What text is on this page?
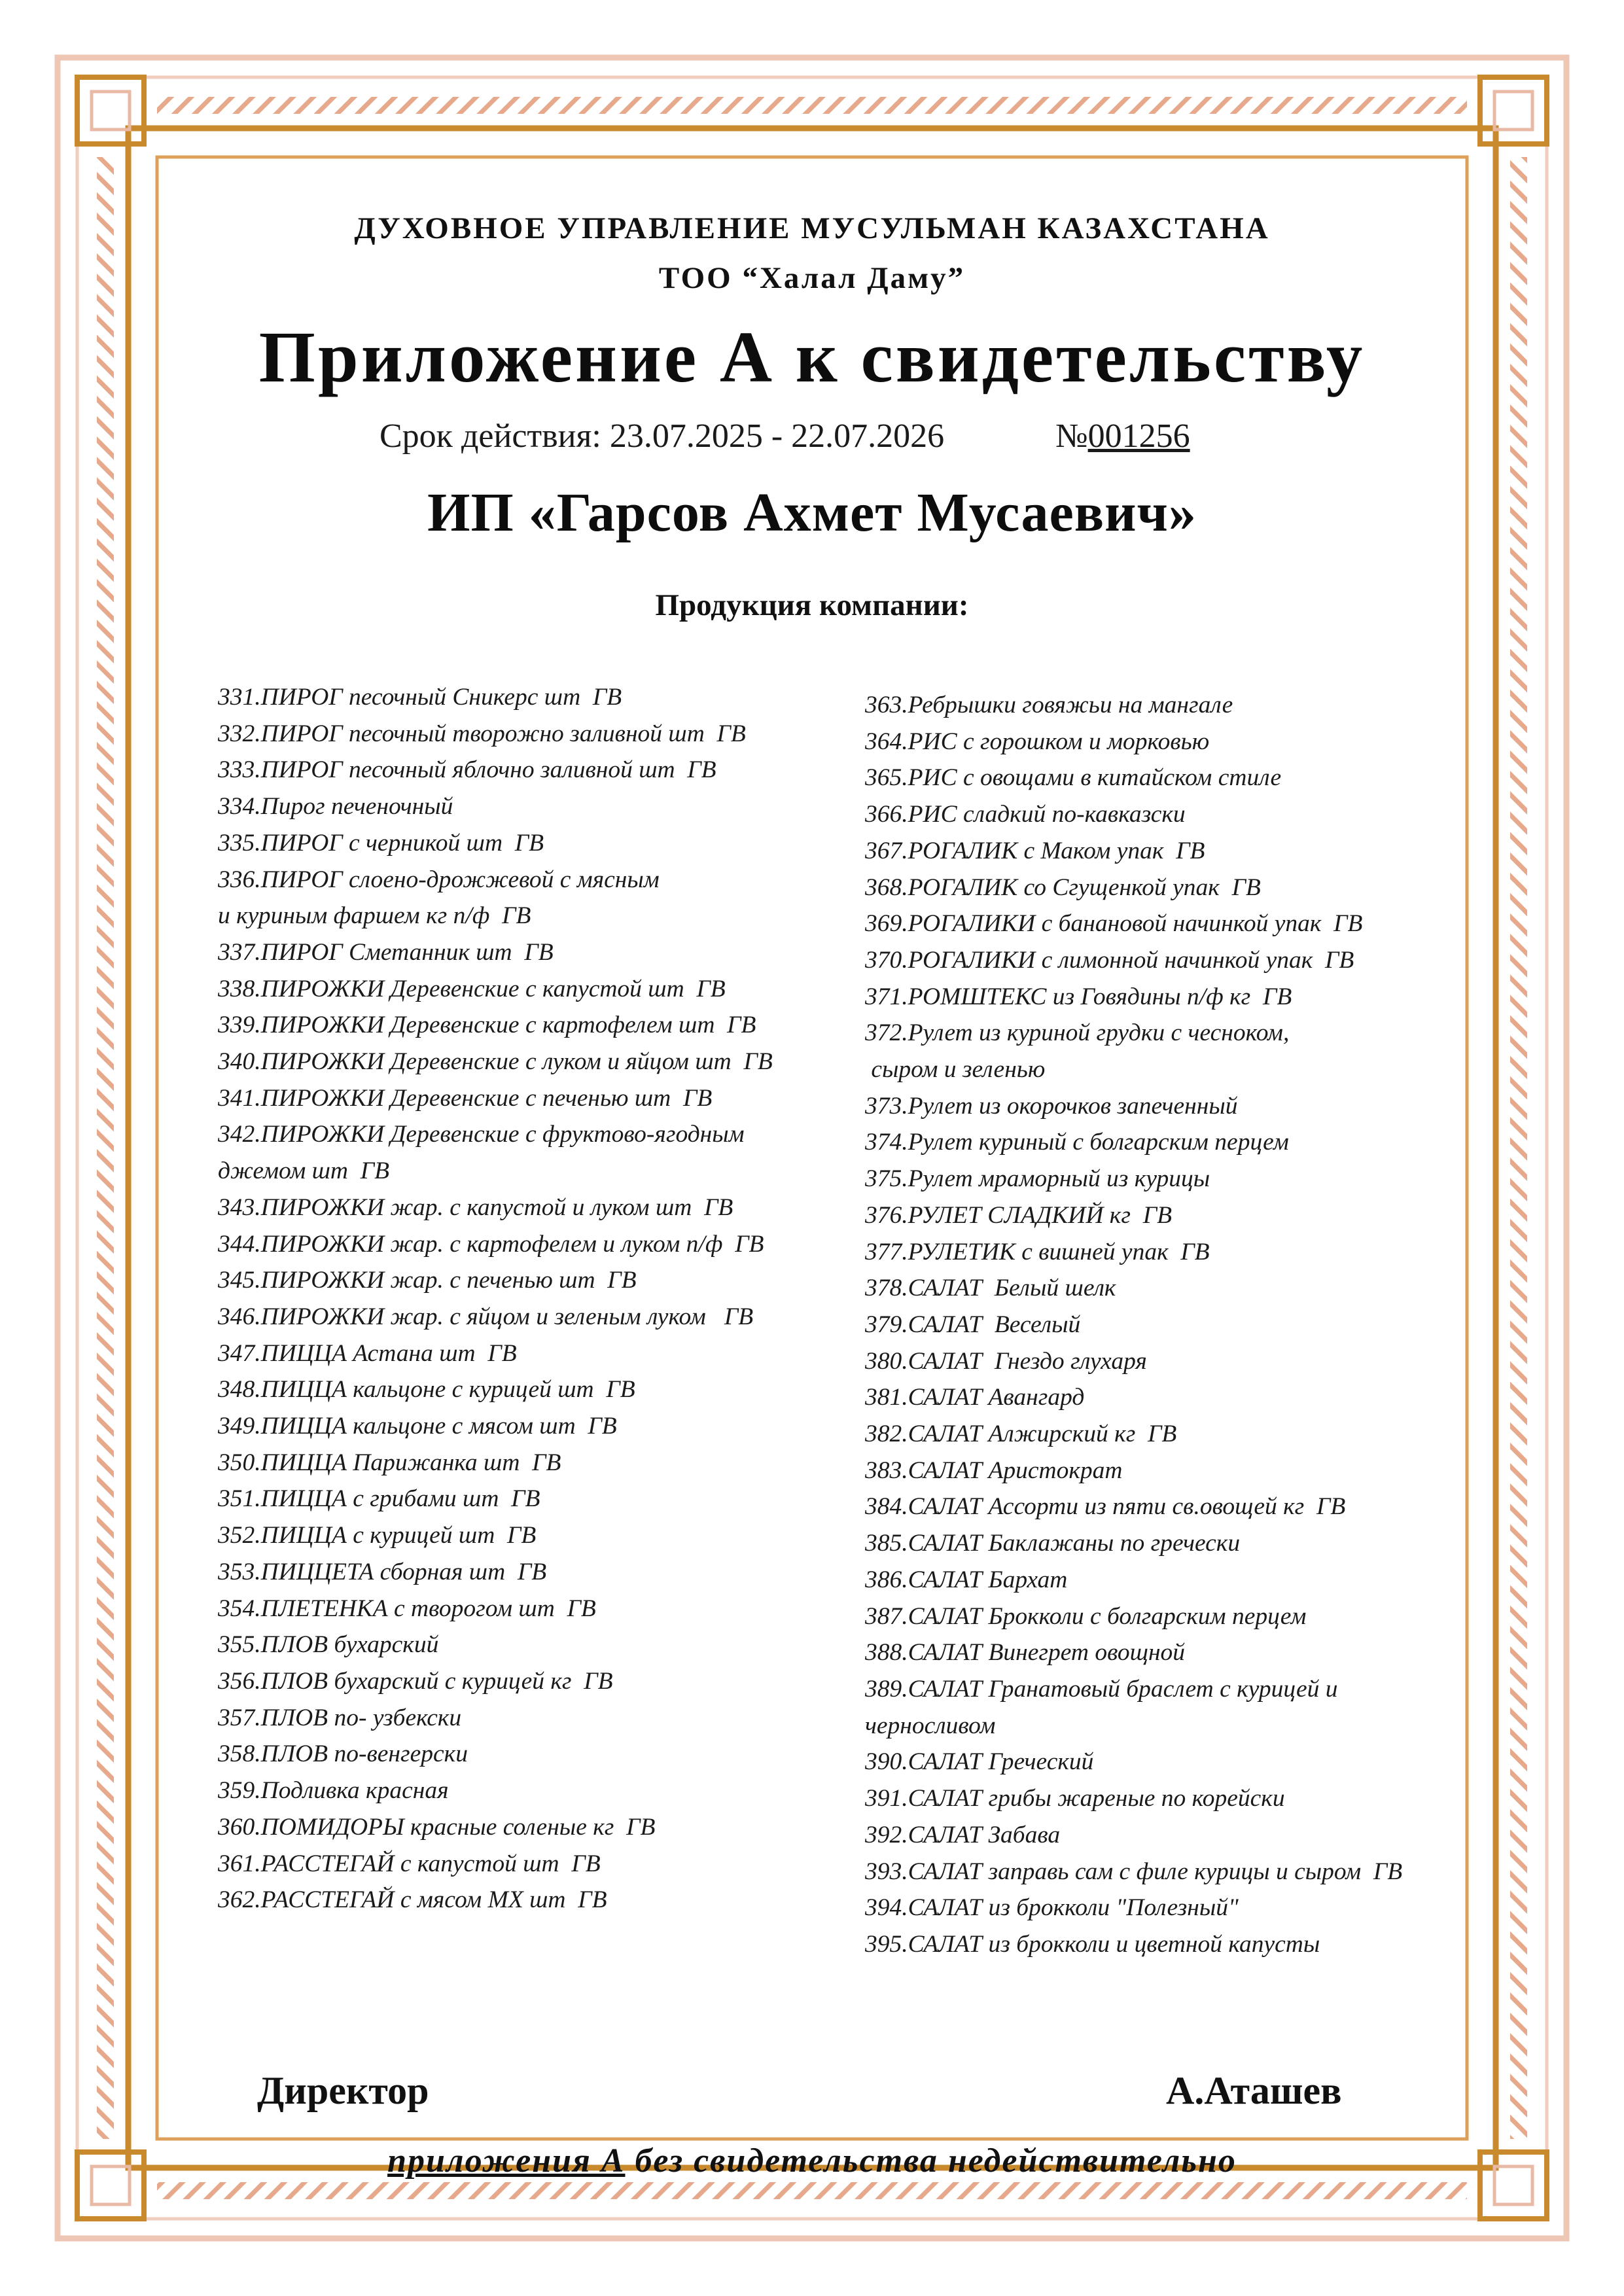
ДУХОВНОЕ УПРАВЛЕНИЕ МУСУЛЬМАН КАЗАХСТАНА
ТОО “Халал Даму”
Приложение А к свидетельству
Срок действия: 23.07.2025 - 22.07.2026	№001256
ИП «Гарсов Ахмет Мусаевич»
Продукция компании:
331.ПИРОГ песочный Сникерс шт  ГВ
332.ПИРОГ песочный творожно заливной шт  ГВ
333.ПИРОГ песочный яблочно заливной шт  ГВ
334.Пирог печеночный
335.ПИРОГ с черникой шт  ГВ
336.ПИРОГ слоено-дрожжевой с мясным
и куриным фаршем кг п/ф  ГВ
337.ПИРОГ Сметанник шт  ГВ
338.ПИРОЖКИ Деревенские с капустой шт  ГВ
339.ПИРОЖКИ Деревенские с картофелем шт  ГВ
340.ПИРОЖКИ Деревенские с луком и яйцом шт  ГВ
341.ПИРОЖКИ Деревенские с печенью шт  ГВ
342.ПИРОЖКИ Деревенские с фруктово-ягодным
джемом шт  ГВ
343.ПИРОЖКИ жар. с капустой и луком шт  ГВ
344.ПИРОЖКИ жар. с картофелем и луком п/ф  ГВ
345.ПИРОЖКИ жар. с печенью шт  ГВ
346.ПИРОЖКИ жар. с яйцом и зеленым луком   ГВ
347.ПИЦЦА Астана шт  ГВ
348.ПИЦЦА кальцоне с курицей шт  ГВ
349.ПИЦЦА кальцоне с мясом шт  ГВ
350.ПИЦЦА Парижанка шт  ГВ
351.ПИЦЦА с грибами шт  ГВ
352.ПИЦЦА с курицей шт  ГВ
353.ПИЦЦЕТА сборная шт  ГВ
354.ПЛЕТЕНКА с творогом шт  ГВ
355.ПЛОВ бухарский
356.ПЛОВ бухарский с курицей кг  ГВ
357.ПЛОВ по- узбекски
358.ПЛОВ по-венгерски
359.Подливка красная
360.ПОМИДОРЫ красные соленые кг  ГВ
361.РАССТЕГАЙ с капустой шт  ГВ
362.РАССТЕГАЙ с мясом МХ шт  ГВ
363.Ребрышки говяжьи на мангале
364.РИС с горошком и морковью
365.РИС с овощами в китайском стиле
366.РИС сладкий по-кавказски
367.РОГАЛИК с Маком упак  ГВ
368.РОГАЛИК со Сгущенкой упак  ГВ
369.РОГАЛИКИ с банановой начинкой упак  ГВ
370.РОГАЛИКИ с лимонной начинкой упак  ГВ
371.РОМШТЕКС из Говядины п/ф кг  ГВ
372.Рулет из куриной грудки с чесноком,
сыром и зеленью
373.Рулет из окорочков запеченный
374.Рулет куриный с болгарским перцем
375.Рулет мраморный из курицы
376.РУЛЕТ СЛАДКИЙ кг  ГВ
377.РУЛЕТИК с вишней упак  ГВ
378.САЛАТ  Белый шелк
379.САЛАТ  Веселый
380.САЛАТ  Гнездо глухаря
381.САЛАТ Авангард
382.САЛАТ Алжирский кг  ГВ
383.САЛАТ Аристократ
384.САЛАТ Ассорти из пяти св.овощей кг  ГВ
385.САЛАТ Баклажаны по гречески
386.САЛАТ Бархат
387.САЛАТ Брокколи с болгарским перцем
388.САЛАТ Винегрет овощной
389.САЛАТ Гранатовый браслет с курицей и
черносливом
390.САЛАТ Греческий
391.САЛАТ грибы жареные по корейски
392.САЛАТ Забава
393.САЛАТ заправь сам с филе курицы и сыром  ГВ
394.САЛАТ из брокколи "Полезный"
395.САЛАТ из брокколи и цветной капусты
Директор	А.Аташев
приложения А без свидетельства недействительно
